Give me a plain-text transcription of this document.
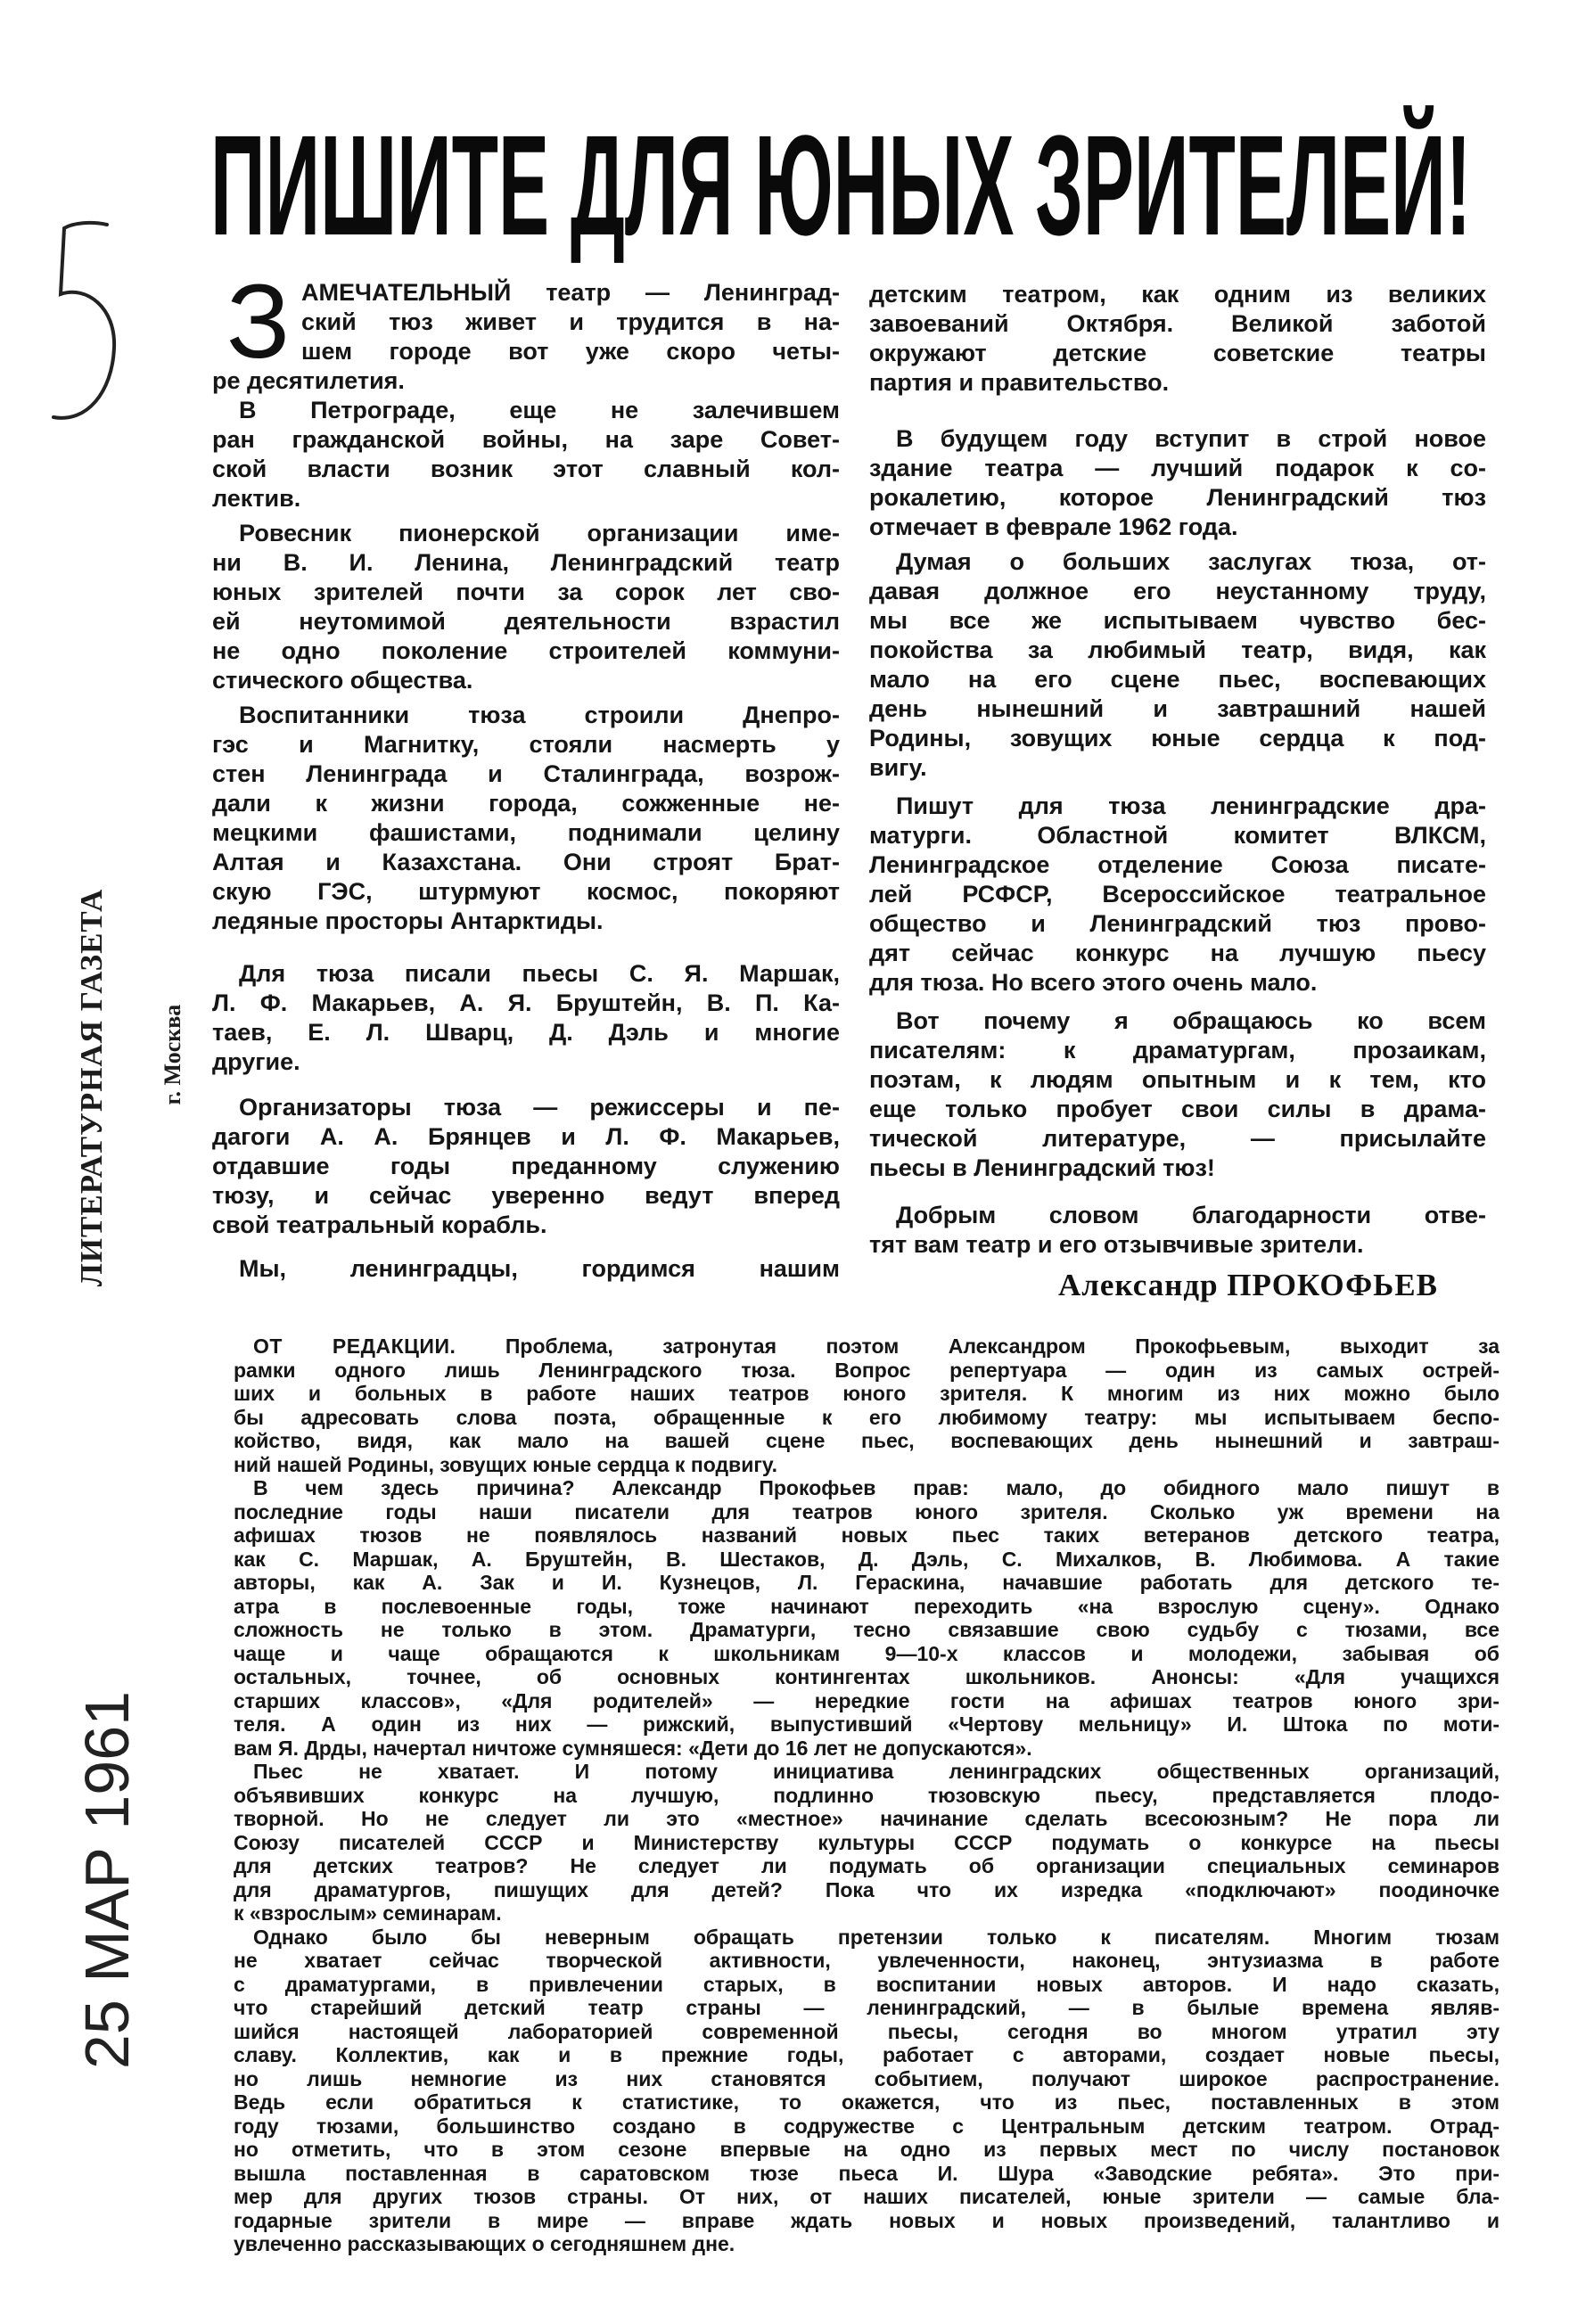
ЛИТЕРАТУРНАЯ ГАЗЕТА г. Москва
25 МАР 1961
ПИШИТЕ ДЛЯ ЮНЫХ ЗРИТЕЛЕЙ!
З АМЕЧАТЕЛЬНЫЙ театр — Ленинград-
ский тюз живет и трудится в на-
шем городе вот уже скоро четы-
ре десятилетия.
В Петрограде, еще не залечившем
ран гражданской войны, на заре Совет-
ской власти возник этот славный кол-
лектив.
Ровесник пионерской организации име-
ни В. И. Ленина, Ленинградский театр
юных зрителей почти за сорок лет сво-
ей неутомимой деятельности взрастил
не одно поколение строителей коммуни-
стического общества.
Воспитанники тюза строили Днепро-
гэс и Магнитку, стояли насмерть у
стен Ленинграда и Сталинграда, возрож-
дали к жизни города, сожженные не-
мецкими фашистами, поднимали целину
Алтая и Казахстана. Они строят Брат-
скую ГЭС, штурмуют космос, покоряют
ледяные просторы Антарктиды.
Для тюза писали пьесы С. Я. Маршак,
Л. Ф. Макарьев, А. Я. Бруштейн, В. П. Ка-
таев, Е. Л. Шварц, Д. Дэль и многие
другие.
Организаторы тюза — режиссеры и пе-
дагоги А. А. Брянцев и Л. Ф. Макарьев,
отдавшие годы преданному служению
тюзу, и сейчас уверенно ведут вперед
свой театральный корабль.
Мы, ленинградцы, гордимся нашим
детским театром, как одним из великих
завоеваний Октября. Великой заботой
окружают детские советские театры
партия и правительство.
В будущем году вступит в строй новое
здание театра — лучший подарок к со-
рокалетию, которое Ленинградский тюз
отмечает в феврале 1962 года.
Думая о больших заслугах тюза, от-
давая должное его неустанному труду,
мы все же испытываем чувство бес-
покойства за любимый театр, видя, как
мало на его сцене пьес, воспевающих
день нынешний и завтрашний нашей
Родины, зовущих юные сердца к под-
вигу.
Пишут для тюза ленинградские дра-
матурги. Областной комитет ВЛКСМ,
Ленинградское отделение Союза писате-
лей РСФСР, Всероссийское театральное
общество и Ленинградский тюз прово-
дят сейчас конкурс на лучшую пьесу
для тюза. Но всего этого очень мало.
Вот почему я обращаюсь ко всем
писателям: к драматургам, прозаикам,
поэтам, к людям опытным и к тем, кто
еще только пробует свои силы в драма-
тической литературе, — присылайте
пьесы в Ленинградский тюз!
Добрым словом благодарности отве-
тят вам театр и его отзывчивые зрители.
Александр ПРОКОФЬЕВ
ОТ РЕДАКЦИИ. Проблема, затронутая поэтом Александром Прокофьевым, выходит за
рамки одного лишь Ленинградского тюза. Вопрос репертуара — один из самых острей-
ших и больных в работе наших театров юного зрителя. К многим из них можно было
бы адресовать слова поэта, обращенные к его любимому театру: мы испытываем беспо-
койство, видя, как мало на вашей сцене пьес, воспевающих день нынешний и завтраш-
ний нашей Родины, зовущих юные сердца к подвигу.
В чем здесь причина? Александр Прокофьев прав: мало, до обидного мало пишут в
последние годы наши писатели для театров юного зрителя. Сколько уж времени на
афишах тюзов не появлялось названий новых пьес таких ветеранов детского театра,
как С. Маршак, А. Бруштейн, В. Шестаков, Д. Дэль, С. Михалков, В. Любимова. А такие
авторы, как А. Зак и И. Кузнецов, Л. Гераскина, начавшие работать для детского те-
атра в послевоенные годы, тоже начинают переходить «на взрослую сцену». Однако
сложность не только в этом. Драматурги, тесно связавшие свою судьбу с тюзами, все
чаще и чаще обращаются к школьникам 9—10-х классов и молодежи, забывая об
остальных, точнее, об основных контингентах школьников. Анонсы: «Для учащихся
старших классов», «Для родителей» — нередкие гости на афишах театров юного зри-
теля. А один из них — рижский, выпустивший «Чертову мельницу» И. Штока по моти-
вам Я. Дрды, начертал ничтоже сумняшеся: «Дети до 16 лет не допускаются».
Пьес не хватает. И потому инициатива ленинградских общественных организаций,
объявивших конкурс на лучшую, подлинно тюзовскую пьесу, представляется плодо-
творной. Но не следует ли это «местное» начинание сделать всесоюзным? Не пора ли
Союзу писателей СССР и Министерству культуры СССР подумать о конкурсе на пьесы
для детских театров? Не следует ли подумать об организации специальных семинаров
для драматургов, пишущих для детей? Пока что их изредка «подключают» поодиночке
к «взрослым» семинарам.
Однако было бы неверным обращать претензии только к писателям. Многим тюзам
не хватает сейчас творческой активности, увлеченности, наконец, энтузиазма в работе
с драматургами, в привлечении старых, в воспитании новых авторов. И надо сказать,
что старейший детский театр страны — ленинградский, — в былые времена являв-
шийся настоящей лабораторией современной пьесы, сегодня во многом утратил эту
славу. Коллектив, как и в прежние годы, работает с авторами, создает новые пьесы,
но лишь немногие из них становятся событием, получают широкое распространение.
Ведь если обратиться к статистике, то окажется, что из пьес, поставленных в этом
году тюзами, большинство создано в содружестве с Центральным детским театром. Отрад-
но отметить, что в этом сезоне впервые на одно из первых мест по числу постановок
вышла поставленная в саратовском тюзе пьеса И. Шура «Заводские ребята». Это при-
мер для других тюзов страны. От них, от наших писателей, юные зрители — самые бла-
годарные зрители в мире — вправе ждать новых и новых произведений, талантливо и
увлеченно рассказывающих о сегодняшнем дне.
